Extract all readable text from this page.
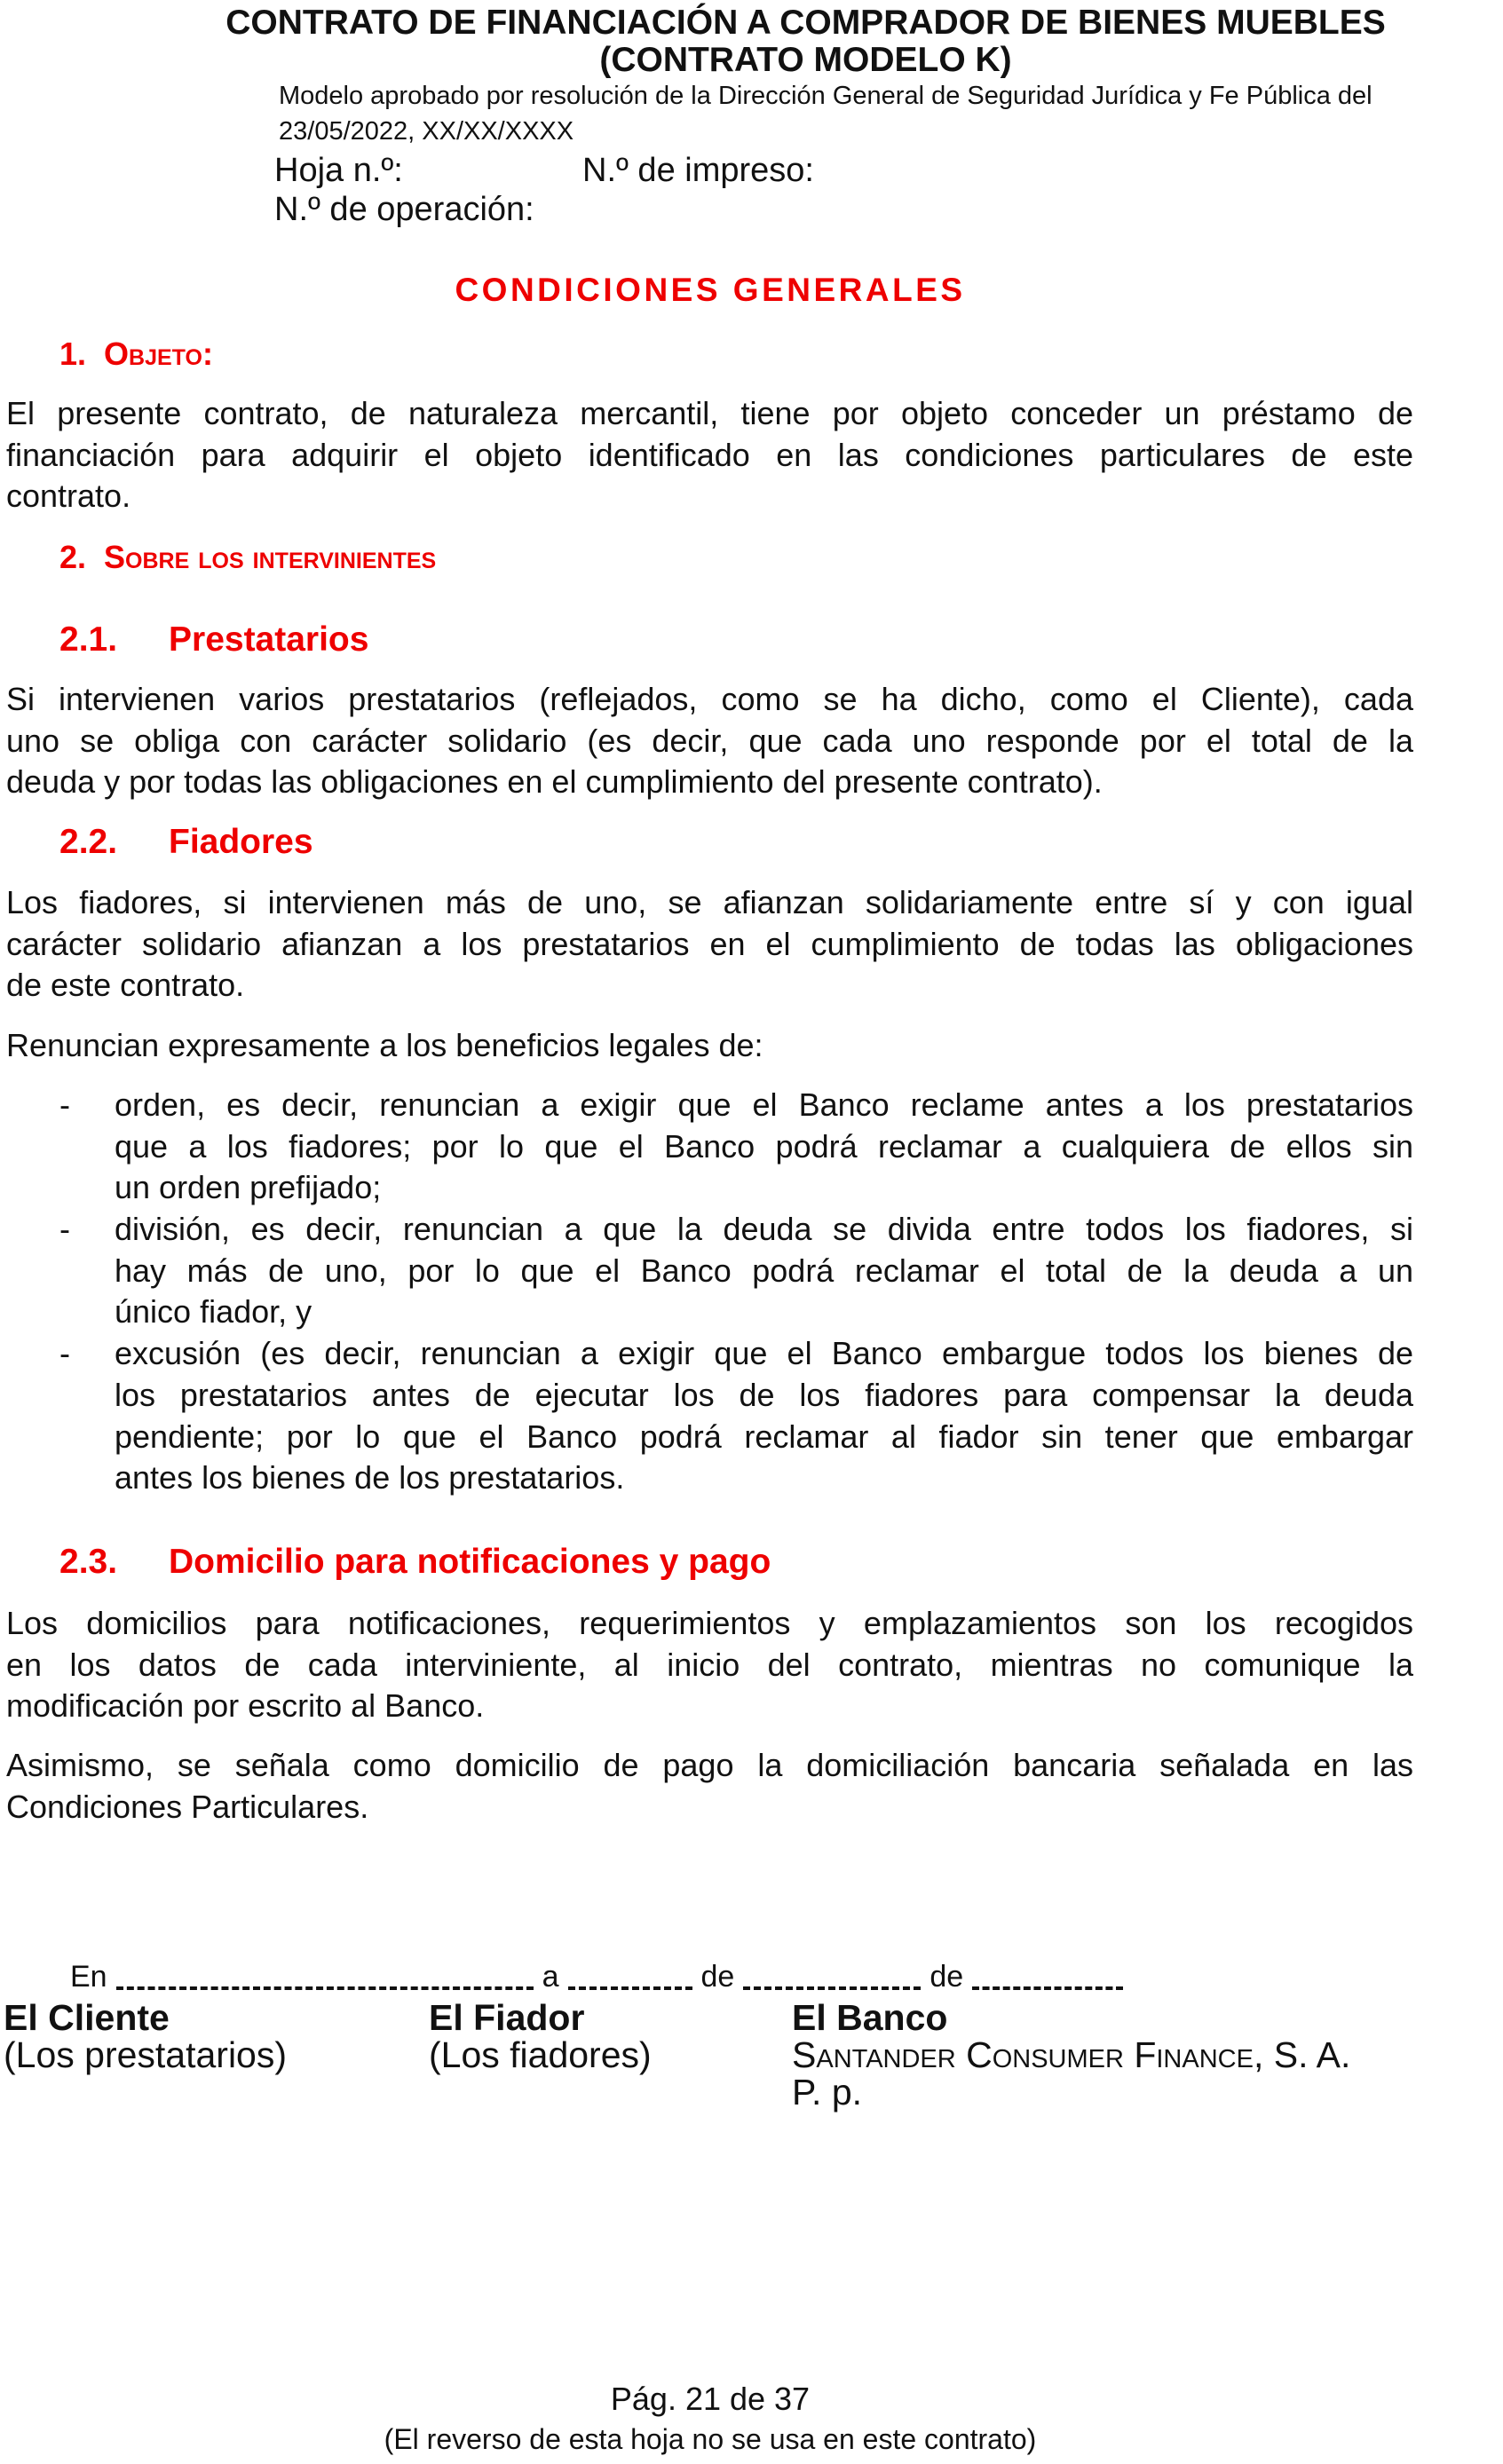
CONTRATO DE FINANCIACIÓN A COMPRADOR DE BIENES MUEBLES
(CONTRATO MODELO K)
Modelo aprobado por resolución de la Dirección General de Seguridad Jurídica y Fe Pública del
23/05/2022, XX/XX/XXXX
Hoja n.º:	N.º de impreso:
N.º de operación:
CONDICIONES GENERALES
1. Objeto:
El presente contrato, de naturaleza mercantil, tiene por objeto conceder un préstamo de
financiación para adquirir el objeto identificado en las condiciones particulares de este
contrato.
2. Sobre los intervinientes
2.1. Prestatarios
Si intervienen varios prestatarios (reflejados, como se ha dicho, como el Cliente), cada
uno se obliga con carácter solidario (es decir, que cada uno responde por el total de la
deuda y por todas las obligaciones en el cumplimiento del presente contrato).
2.2. Fiadores
Los fiadores, si intervienen más de uno, se afianzan solidariamente entre sí y con igual
carácter solidario afianzan a los prestatarios en el cumplimiento de todas las obligaciones
de este contrato.
Renuncian expresamente a los beneficios legales de:
- orden, es decir, renuncian a exigir que el Banco reclame antes a los prestatarios
que a los fiadores; por lo que el Banco podrá reclamar a cualquiera de ellos sin
un orden prefijado;
- división, es decir, renuncian a que la deuda se divida entre todos los fiadores, si
hay más de uno, por lo que el Banco podrá reclamar el total de la deuda a un
único fiador, y
- excusión (es decir, renuncian a exigir que el Banco embargue todos los bienes de
los prestatarios antes de ejecutar los de los fiadores para compensar la deuda
pendiente; por lo que el Banco podrá reclamar al fiador sin tener que embargar
antes los bienes de los prestatarios.
2.3. Domicilio para notificaciones y pago
Los domicilios para notificaciones, requerimientos y emplazamientos son los recogidos
en los datos de cada interviniente, al inicio del contrato, mientras no comunique la
modificación por escrito al Banco.
Asimismo, se señala como domicilio de pago la domiciliación bancaria señalada en las
Condiciones Particulares.
En	a	de	de
El Cliente
(Los prestatarios)
El Fiador
(Los fiadores)
El Banco
Santander Consumer Finance, S. A.
P. p.
Pág. 21 de 37
(El reverso de esta hoja no se usa en este contrato)
